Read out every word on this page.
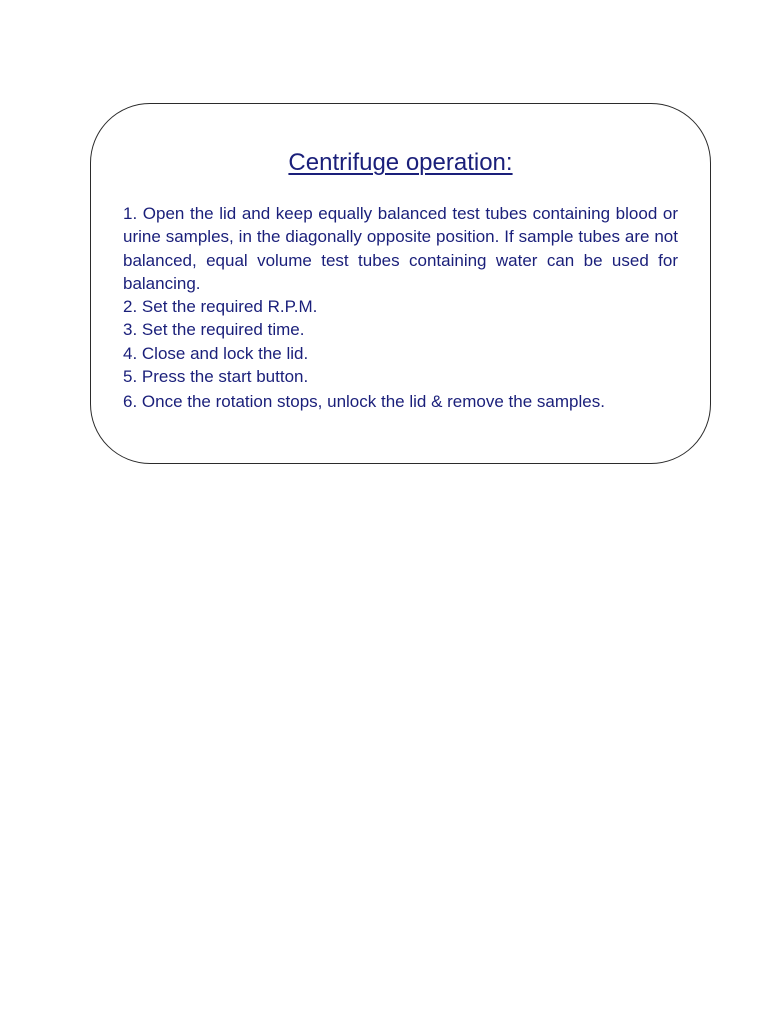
Centrifuge operation:
1. Open the lid and keep equally balanced test tubes containing blood or urine samples, in the diagonally opposite position. If sample tubes are not balanced, equal volume test tubes containing water can be used for balancing.
2. Set the required R.P.M.
3. Set the required time.
4. Close and lock the lid.
5. Press the start button.
6. Once the rotation stops, unlock the lid & remove the samples.
